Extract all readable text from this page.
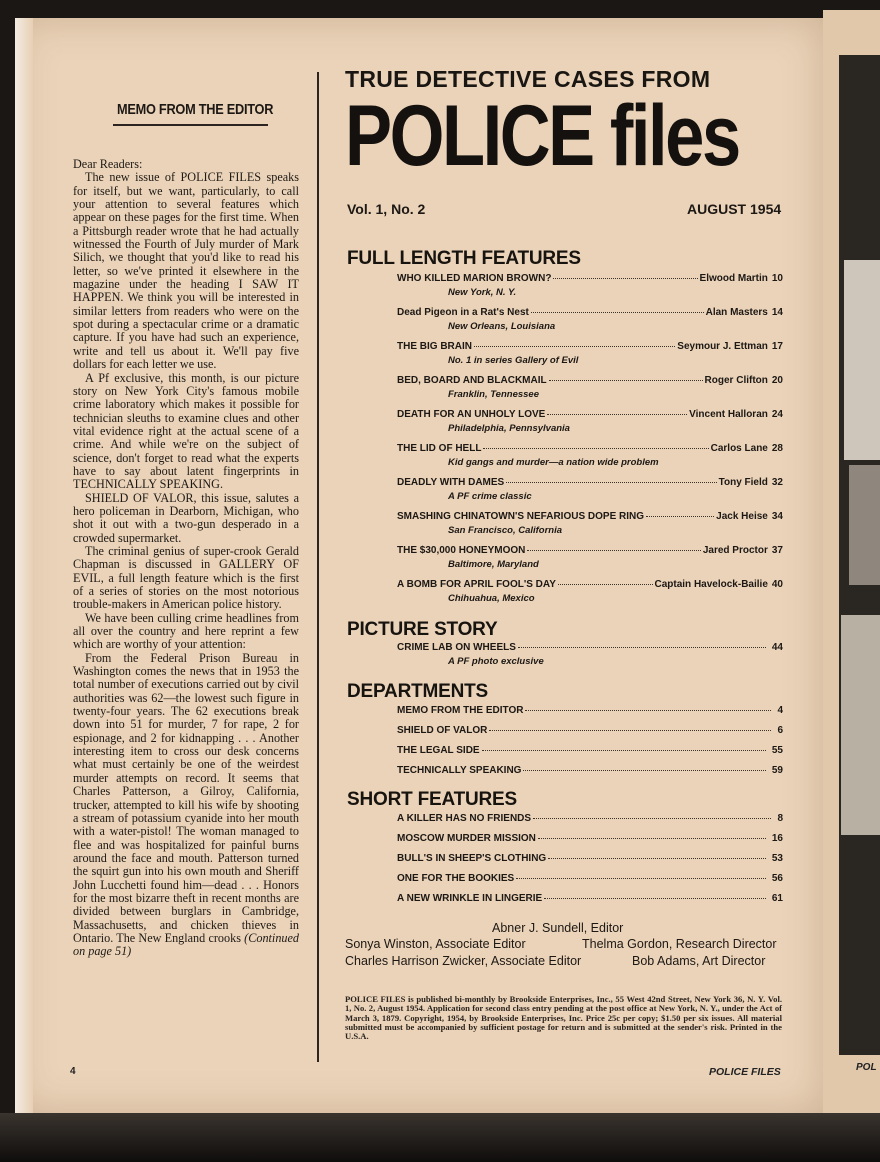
POL
MEMO FROM THE EDITOR

Dear Readers:

The new issue of POLICE FILES speaks for itself, but we want, particularly, to call your attention to several features which appear on these pages for the first time. When a Pittsburgh reader wrote that he had actually witnessed the Fourth of July murder of Mark Silich, we thought that you'd like to read his letter, so we've printed it elsewhere in the magazine under the heading I SAW IT HAPPEN. We think you will be interested in similar letters from readers who were on the spot during a spectacular crime or a dramatic capture. If you have had such an experience, write and tell us about it. We'll pay five dollars for each letter we use.

A Pf exclusive, this month, is our picture story on New York City's famous mobile crime laboratory which makes it possible for technician sleuths to examine clues and other vital evidence right at the actual scene of a crime. And while we're on the subject of science, don't forget to read what the experts have to say about latent fingerprints in TECHNICALLY SPEAKING.

SHIELD OF VALOR, this issue, salutes a hero policeman in Dearborn, Michigan, who shot it out with a two-gun desperado in a crowded supermarket.

The criminal genius of super-crook Gerald Chapman is discussed in GALLERY OF EVIL, a full length feature which is the first of a series of stories on the most notorious trouble-makers in American police history.

We have been culling crime headlines from all over the country and here reprint a few which are worthy of your attention:

From the Federal Prison Bureau in Washington comes the news that in 1953 the total number of executions carried out by civil authorities was 62—the lowest such figure in twenty-four years. The 62 executions break down into 51 for murder, 7 for rape, 2 for espionage, and 2 for kidnapping . . . Another interesting item to cross our desk concerns what must certainly be one of the weirdest murder attempts on record. It seems that Charles Patterson, a Gilroy, California, trucker, attempted to kill his wife by shooting a stream of potassium cyanide into her mouth with a water-pistol! The woman managed to flee and was hospitalized for painful burns around the face and mouth. Patterson turned the squirt gun into his own mouth and Sheriff John Lucchetti found him—dead . . . Honors for the most bizarre theft in recent months are divided between burglars in Cambridge, Massachusetts, and chicken thieves in Ontario. The New England crooks (Continued on page 51)

4
TRUE DETECTIVE CASES FROM
POLICE files
Vol. 1, No. 2	AUGUST 1954
FULL LENGTH FEATURES
PICTURE STORY
DEPARTMENTS
SHORT FEATURES
WHO KILLED MARION BROWN?	Elwood Martin 10
New York, N. Y.
Dead Pigeon in a Rat's Nest	Alan Masters 14
New Orleans, Louisiana
THE BIG BRAIN	Seymour J. Ettman 17
No. 1 in series Gallery of Evil
BED, BOARD AND BLACKMAIL	Roger Clifton 20
Franklin, Tennessee
DEATH FOR AN UNHOLY LOVE	Vincent Halloran 24
Philadelphia, Pennsylvania
THE LID OF HELL	Carlos Lane 28
Kid gangs and murder—a nation wide problem
DEADLY WITH DAMES	Tony Field 32
A PF crime classic
SMASHING CHINATOWN'S NEFARIOUS DOPE RING	Jack Heise 34
San Francisco, California
THE $30,000 HONEYMOON	Jared Proctor 37
Baltimore, Maryland
A BOMB FOR APRIL FOOL'S DAY	Captain Havelock-Bailie 40
Chihuahua, Mexico
CRIME LAB ON WHEELS	44
A PF photo exclusive
MEMO FROM THE EDITOR	4
SHIELD OF VALOR	6
THE LEGAL SIDE	55
TECHNICALLY SPEAKING	59
A KILLER HAS NO FRIENDS	8
MOSCOW MURDER MISSION	16
BULL'S IN SHEEP'S CLOTHING	53
ONE FOR THE BOOKIES	56
A NEW WRINKLE IN LINGERIE	61
Abner J. Sundell, Editor
Sonya Winston, Associate Editor	Thelma Gordon, Research Director
Charles Harrison Zwicker, Associate Editor	Bob Adams, Art Director
POLICE FILES is published bi-monthly by Brookside Enterprises, Inc., 55 West 42nd Street, New York 36, N. Y. Vol. 1, No. 2, August 1954. Application for second class entry pending at the post office at New York, N. Y., under the Act of March 3, 1879. Copyright, 1954, by Brookside Enterprises, Inc. Price 25c per copy; $1.50 per six issues. All material submitted must be accompanied by sufficient postage for return and is submitted at the sender's risk. Printed in the U.S.A.
POLICE FILES
